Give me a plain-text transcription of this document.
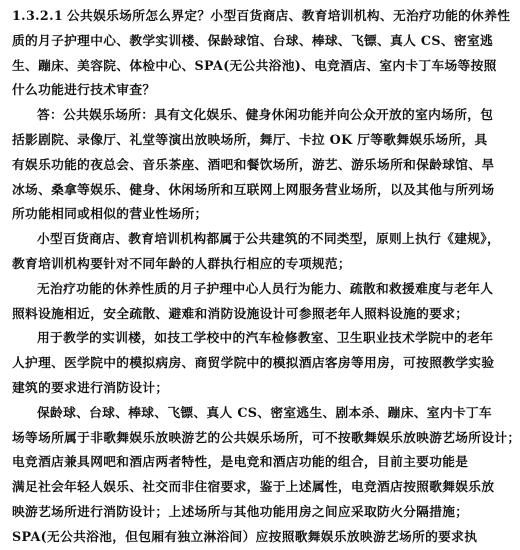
1.3.2.1 公共娱乐场所怎么界定？小型百货商店、教育培训机构、无治疗功能的休养性
质的月子护理中心、教学实训楼、保龄球馆、台球、棒球、飞镖、真人 CS、密室逃
生、蹦床、美容院、体检中心、SPA(无公共浴池)、电竞酒店、室内卡丁车场等按照
什么功能进行技术审查？
答：公共娱乐场所：具有文化娱乐、健身休闲功能并向公众开放的室内场所，包
括影剧院、录像厅、礼堂等演出放映场所，舞厅、卡拉 OK 厅等歌舞娱乐场所，具
有娱乐功能的夜总会、音乐茶座、酒吧和餐饮场所，游艺、游乐场所和保龄球馆、旱
冰场、桑拿等娱乐、健身、休闲场所和互联网上网服务营业场所，以及其他与所列场
所功能相同或相似的营业性场所；
小型百货商店、教育培训机构都属于公共建筑的不同类型，原则上执行《建规》，
教育培训机构要针对不同年龄的人群执行相应的专项规范；
无治疗功能的休养性质的月子护理中心人员行为能力、疏散和救援难度与老年人
照料设施相近，安全疏散、避难和消防设施设计可参照老年人照料设施的要求；
用于教学的实训楼，如技工学校中的汽车检修教室、卫生职业技术学院中的老年
人护理、医学院中的模拟病房、商贸学院中的模拟酒店客房等用房，可按照教学实验
建筑的要求进行消防设计；
保龄球、台球、棒球、飞镖、真人 CS、密室逃生、剧本杀、蹦床、室内卡丁车
场等场所属于非歌舞娱乐放映游艺的公共娱乐场所，可不按歌舞娱乐放映游艺场所设计；
电竞酒店兼具网吧和酒店两者特性，是电竞和酒店功能的组合，目前主要功能是
满足社会年轻人娱乐、社交而非住宿要求，鉴于上述属性，电竞酒店按照歌舞娱乐放
映游艺场所进行消防设计；上述场所与其他功能用房之间应采取防火分隔措施；
SPA(无公共浴池，但包厢有独立淋浴间）应按照歌舞娱乐放映游艺场所的要求执
